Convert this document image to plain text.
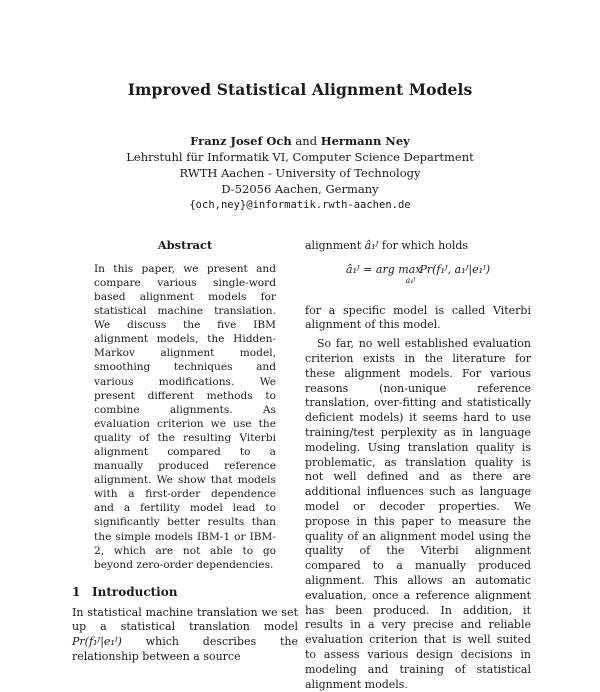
Improved Statistical Alignment Models
Franz Josef Och and Hermann Ney
Lehrstuhl für Informatik VI, Computer Science Department
RWTH Aachen - University of Technology
D-52056 Aachen, Germany
{och,ney}@informatik.rwth-aachen.de
Abstract

In this paper, we present and compare various single-word based alignment models for statistical machine translation. We discuss the five IBM alignment models, the Hidden-Markov alignment model, smoothing techniques and various modifications. We present different methods to combine alignments. As evaluation criterion we use the quality of the resulting Viterbi alignment compared to a manually produced reference alignment. We show that models with a first-order dependence and a fertility model lead to significantly better results than the simple models IBM-1 or IBM-2, which are not able to go beyond zero-order dependencies.

1 Introduction

In statistical machine translation we set up a statistical translation model Pr(f₁ᴶ|e₁ᴵ) which describes the relationship between a source

alignment â₁ᴶ for which holds

â₁ᴶ = arg maxa₁ᴶPr(f₁ᴶ, a₁ᴶ|e₁ᴵ)

for a specific model is called Viterbi alignment of this model.

So far, no well established evaluation criterion exists in the literature for these alignment models. For various reasons (non-unique reference translation, over-fitting and statistically deficient models) it seems hard to use training/test perplexity as in language modeling. Using translation quality is problematic, as translation quality is not well defined and as there are additional influences such as language model or decoder properties. We propose in this paper to measure the quality of an alignment model using the quality of the Viterbi alignment compared to a manually produced alignment. This allows an automatic evaluation, once a reference alignment has been produced. In addition, it results in a very precise and reliable evaluation criterion that is well suited to assess various design decisions in modeling and training of statistical alignment models.
